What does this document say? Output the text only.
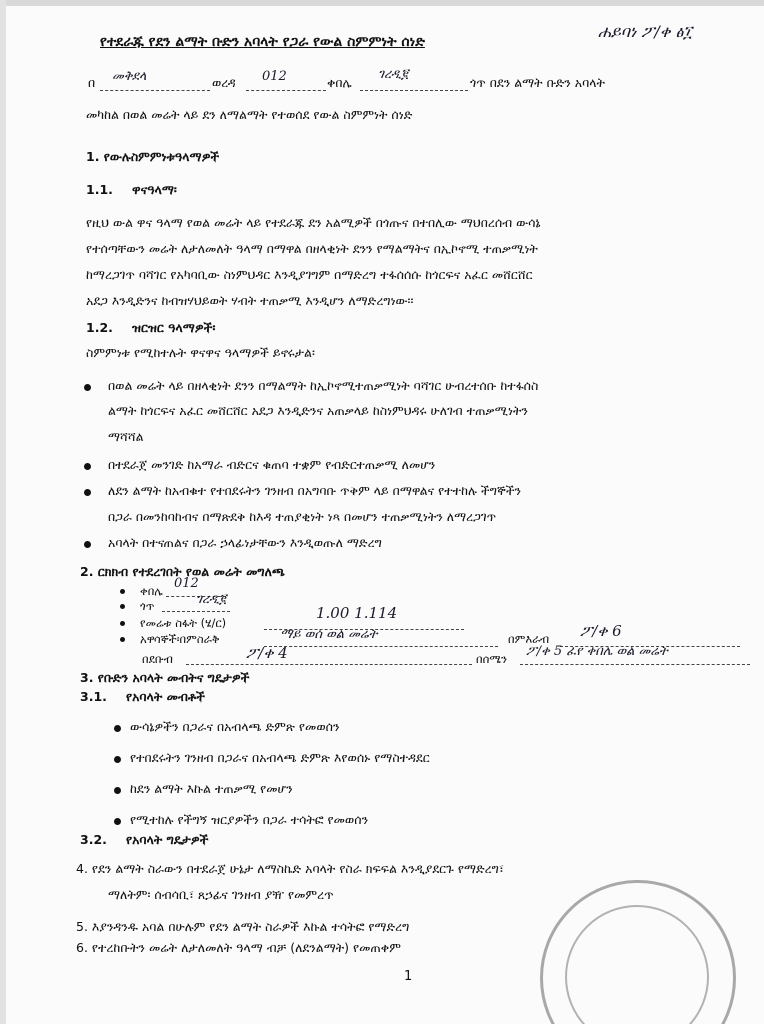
የተደራጁ የደን ልማት ቡድን አባላት የጋራ የውል ስምምነት ሰነድ
ሐይባነ ፖ/ቀ ፅ፲
በ መቅደላ	ወረዳ 012	ቀበሌ
ገረዲ፪
ጎጥ በደን ልማት ቡድን አባላት
መካከል በወል መሬት ላይ ደን ለማልማት የተወሰደ የውል ስምምነት ሰነድ
1. የውሉስምምነቱዓላማዎች
1.1. ዋናዓላማ፡
የዚህ ውል ዋና ዓላማ የወል መሬት ላይ የተደራጁ ደን አልሚዎች በጎጡና በተበሊው ማህበረሰብ ውሳኔ
የተሰጣቸውን መሬት ለታለመለት ዓላማ በማዋል በዘላቂነት ደንን የማልማትና በኢኮኖሚ ተጠቃሚነት
ከማረጋገጥ ባሻገር የአካባቢው ስነምህዳር እንዲያገግም በማድረግ ተፋሰሰሱ ከጎርፍና አፈር መሸርሸር
አደጋ እንዲድንና ከብዝሃህይወት ሃብት ተጠቃሚ እንዲሆን ለማድረግነው፡፡
1.2. ዝርዝር ዓላማዎች፡
ስምምነቱ የሚከተሉት ዋናዋና ዓላማዎች ይኖሩታል፡
በወል መሬት ላይ በዘላቂነት ደንን በማልማት ከኢኮኖሚተጠቃሚነት ባሻገር ሁብረተሰቡ ከተፋሰስ
ልማት ከጎርፍና አፈር መሸርሸር አደጋ እንዲድንና አጠቃላይ ከስነምህዳሩ ሁለገብ ተጠቃሚነትን
ማሻሻል
በተደራጀ መንገድ ከአማራ ብድርና ቁጠባ ተቋም የብድርተጠቃሚ ለመሆን
ለደን ልማት ከአብቁተ የተበደሩትን ገንዘብ በአግባቡ ጥቅም ላይ በማዋልና የተተከሉ ችግኞችን
በጋራ በመንከባከብና በማጽደቅ ከእዳ ተጠያቂነት ነጻ በመሆን ተጠቃሚነትን ለማረጋገጥ
አባላት በተናጠልና በጋራ ኃላፊነታቸውን እንዲወጡለ ማድረግ
2. ርክክብ የተደረገበት የወል መሬት መግለጫ
ቀበሌ 012
ጎጥ	ገረዲ፪
የመሬቱ ስፋት (ሄ/ር)
1.00 1.114
አዋሳኞች፡በምስራቅ	ማይ ወሰ ወል መሬት	በምእራብ ፖ/ቀ 6
በደቡብ	ፖ/ቀ 4	በሰሜን ፖ/ቀ 5 ፈየ ቀበሌ ወል መሬት
3. የቡድን አባላት መብትና ግዴታዎች
3.1. የአባላት መብቶች
ውሳኔዎችን በጋራና በአብላጫ ድምጽ የመወሰን
የተበደሩትን ገንዘብ በጋራና በአብላጫ ድምጽ እየወሰኑ የማስተዳደር
ከደን ልማት እኩል ተጠቃሚ የመሆን
የሚተከሉ የችግኝ ዝርያዎችን በጋራ ተሳትፎ የመወሰን
3.2. የአባላት ግዴታዎች
4. የደን ልማት ስራውን በተደራጀ ሁኔታ ለማስኬድ አባላት የስራ ክፍፍል እንዲያደርጉ የማድረግ፣
ማለትም፡ ሰብሳቢ፣ ጸኃፊና ገንዘብ ያዥ የመምረጥ
5. እያንዳንዱ አባል በሁሉም የደን ልማት ስራዎች እኩል ተሳትፎ የማድረግ
6. የተረከቡትን መሬት ለታለመለት ዓላማ ብቻ (ለደንልማት) የመጠቀም
1
